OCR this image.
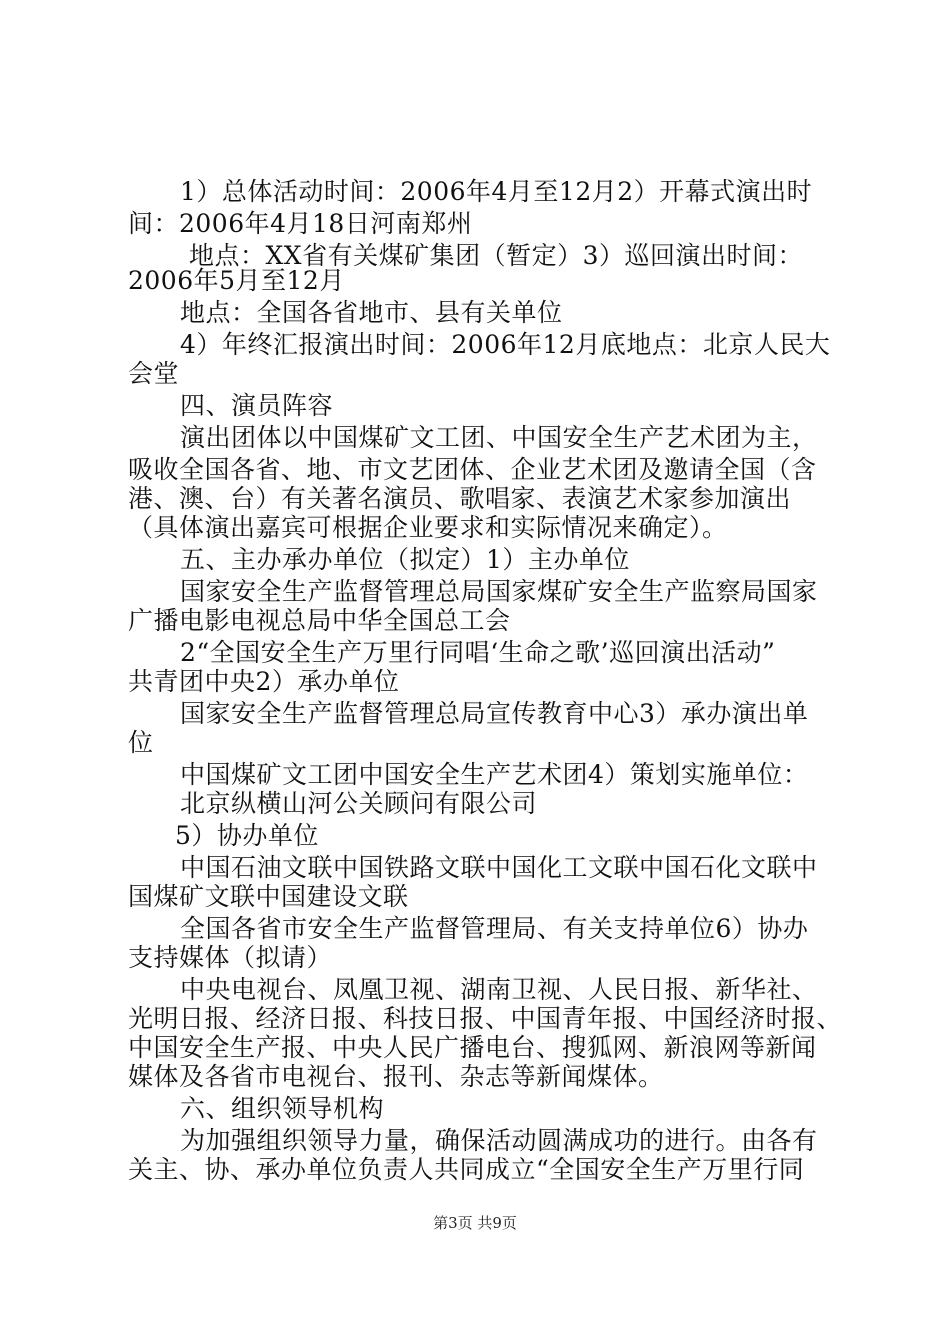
1）总体活动时间：2006年4月至12月2）开幕式演出时
间：2006年4月18日河南郑州
地点：XX省有关煤矿集团（暂定）3）巡回演出时间：
2006年5月至12月
地点：全国各省地市、县有关单位
4）年终汇报演出时间：2006年12月底地点：北京人民大
会堂
四、演员阵容
演出团体以中国煤矿文工团、中国安全生产艺术团为主，
吸收全国各省、地、市文艺团体、企业艺术团及邀请全国（含
港、澳、台）有关著名演员、歌唱家、表演艺术家参加演出
（具体演出嘉宾可根据企业要求和实际情况来确定）。
五、主办承办单位（拟定）1）主办单位
国家安全生产监督管理总局国家煤矿安全生产监察局国家
广播电影电视总局中华全国总工会
2“全国安全生产万里行同唱‘生命之歌’巡回演出活动”
共青团中央2）承办单位
国家安全生产监督管理总局宣传教育中心3）承办演出单
位
中国煤矿文工团中国安全生产艺术团4）策划实施单位：
北京纵横山河公关顾问有限公司
5）协办单位
中国石油文联中国铁路文联中国化工文联中国石化文联中
国煤矿文联中国建设文联
全国各省市安全生产监督管理局、有关支持单位6）协办
支持媒体（拟请）
中央电视台、凤凰卫视、湖南卫视、人民日报、新华社、
光明日报、经济日报、科技日报、中国青年报、中国经济时报、
中国安全生产报、中央人民广播电台、搜狐网、新浪网等新闻
媒体及各省市电视台、报刊、杂志等新闻煤体。
六、组织领导机构
为加强组织领导力量，确保活动圆满成功的进行。由各有
关主、协、承办单位负责人共同成立“全国安全生产万里行同
第3页 共9页
